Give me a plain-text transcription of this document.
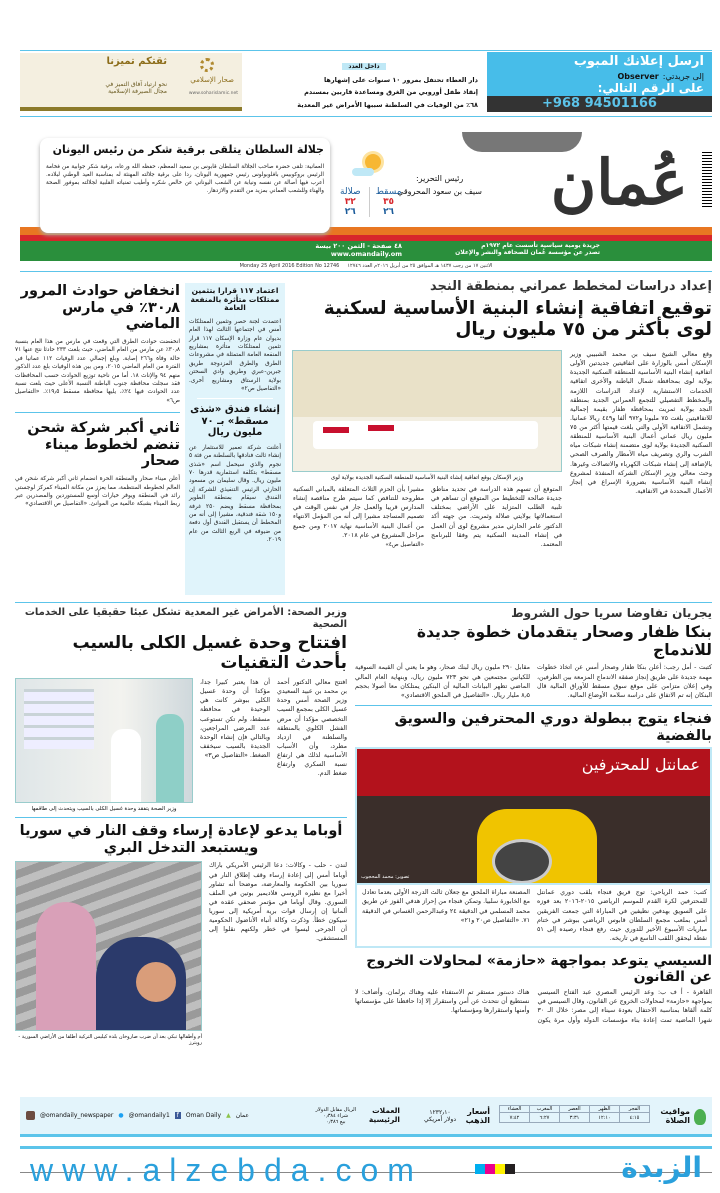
ارسل إعلانك المبوب
إلى جريدتي:
Observer
على الرقم التالي:
+968 94501166
داخل العدد
دار العطاء تحتفل بمرور ١٠ سنوات على إشهارها
إنقاذ طفل أوروبي من الغرق ومساعدة قاربين بمسندم
٦٨٪ من الوفيات في السلطنة سببها الأمراض غير المعدية
ثقتكم تميزنا
نحو ارتياد آفاق التميز في
مجال الصيرفة الإسلامية
صحار الإسلامي
www.soharislamic.net
عُمان
جريدة يومية سياسية تأسست عام ١٩٧٢م
تصدر عن مؤسسة عُمان للصحافة والنشر والإعلان
٤٨ صفحة - الثمن ٢٠٠ بيسة
www.omandaily.om
رئيس التحرير:
سيف بن سعود المحروقي
مسقط
٣٥
٢٦
صلالة
٣٢
٢٦
جلالة السلطان يتلقى برقية شكر من رئيس اليونان
العمانية: تلقى حضرة صاحب الجلالة السلطان قابوس بن سعيد المعظم، حفظه الله ورعاه، برقية شكر جوابية من فخامة الرئيس بروكوبيس بافلوبولوس رئيس جمهورية اليونان، ردا على برقية جلالته المهنئة له بمناسبة العيد الوطني لبلاده. أعرب فيها أصالة عن نفسه ونيابة عن الشعب اليوناني عن خالص شكره وأطيب تمنياته القلبية لجلالته بموفور الصحة والهناء وللشعب العماني بمزيد من التقدم والازدهار.
Monday 25 April 2016 Edition No 12746 الاثنين ١٧ من رجب ١٤٣٧ هـ الموافق ٢٥ من أبريل ٢٠١٦م العدد ١٢٧٤٦
إعداد دراسات لمخطط عمراني بمنطقة النجد
توقيع اتفاقية إنشاء البنية الأساسية لسكنية لوى بأكثر من ٧٥ مليون ريال
وقع معالي الشيخ سيف بن محمد الشبيبي وزير الإسكان أمس بالوزارة على اتفاقيتين جديدتين الأولى اتفاقية إنشاء البنية الأساسية للمنطقة السكنية الجديدة بولاية لوى بمحافظة شمال الباطنة والأخرى اتفاقية الخدمات الاستشارية لإعداد الدراسات اللازمة والمخطط التفصيلي للتجمع العمراني الجديد بمنطقة النجد بولاية ثمريت بمحافظة ظفار بقيمة إجمالية للاتفاقيتين بلغت ٧٥ مليونا و٩٧٢ ألفا و٤٤٩ ريالا عمانيا. وتشمل الاتفاقية الأولى والتي بلغت قيمتها أكثر من ٧٥ مليون ريال عماني أعمال البنية الأساسية للمنطقة السكنية الجديدة بولاية لوى متضمنة إنشاء شبكات مياه الشرب والري وتصريف مياه الأمطار والصرف الصحي بالإضافة إلى إنشاء شبكات الكهرباء والاتصالات وغيرها. وحث معالي وزير الإسكان الشركة المنفذة لمشروع إنشاء البنية الأساسية بضرورة الإسراع في إنجاز الأعمال المحددة في الاتفاقية.
وزير الإسكان يوقع اتفاقية إنشاء البنية الأساسية للمنطقة السكنية الجديدة بولاية لوى
المتوقع أن تسهم هذه الدراسة في تحديد مناطق جديدة صالحة للتخطيط من المتوقع أن تساهم في تلبية الطلب المتزايد على الأراضي بمختلف استعمالاتها بولايتي صلالة وثمريت. من جهته أكد الدكتور عامر الحارثي مدير مشروع لوى أن العمل في إنشاء المدينة السكنية يتم وفقا للبرنامج المعتمد.
مشيرا بأن الحزم الثلاث المتعلقة بالمباني السكنية مطروحة للتناقص كما سيتم طرح مناقصة إنشاء المدارس قريبا والعمل جار في نفس الوقت في تصميم المساجد مشيرا إلى أنه من المؤمل الانتهاء من أعمال البنية الأساسية نهاية ٢٠١٧ ومن جميع مراحل المشروع في عام ٢٠١٨.
«التفاصيل ص٤»
اعتماد ١١٧ قرارا بتثمين ممتلكات متأثرة بالمنفعة العامة
اعتمدت لجنة حصر وتثمين الممتلكات أمس في اجتماعها الثالث لهذا العام بديوان عام وزارة الإسكان ١١٧ قرار تثمين لممتلكات متأثرة بمشاريع المنفعة العامة المتمثلة في مشروعات الطرق والطرق المزدوجة طريق جبرين-عبري وطريق وادي السحتن بولاية الرستاق ومشاريع أخرى. «التفاصيل ص٢»
إنشاء فندق «شذى مسقط» بـ ٧٠ مليون ريال
أعلنت شركة تعمير للاستثمار عن إنشاء ثالث فنادقها بالسلطنة من فئة ٥ نجوم والذي سيحمل اسم «شذى مسقط» بتكلفة استثمارية قدرها ٧٠ مليون ريال. وقال سليمان بن مسعود الحارثي الرئيس التنفيذي للشركة إن الفندق سيقام بمنطقة الطوير بمحافظة مسقط ويضم ٢٥٠ غرفة و١٥٠ شقة فندقية، مشيرا إلى أنه من المخطط أن يستقبل الفندق أول دفعة من ضيوفه في الربع الثالث من عام ٢٠١٩.
انخفاض حوادث المرور ٣٠٫٨٪ في مارس الماضي
انخفضت حوادث الطرق التي وقعت في مارس من هذا العام بنسبة ٣٠٫٨٪ عن مارس من العام الماضي، حيث بلغت ٢٣٣ حادثا نتج عنها ٧١ حالة وفاة و٢٦٦ إصابة. وبلغ إجمالي عدد الوفيات ١١٢ عمانيا في الفترة من العام الماضي ٢٠١٥، ومن بين هذه الوفيات بلغ عدد الذكور منهم ٩٤ والإناث ١٨. أما من ناحية توزيع الحوادث حسب المحافظات فقد سجلت محافظة جنوب الباطنة النسبة الأعلى حيث بلغت نسبة عدد الحوادث فيها ٢٤٪، يليها محافظة مسقط ١٩٫٥٪. «التفاصيل ص٦»
ثاني أكبر شركة شحن تنضم لخطوط ميناء صحار
أعلن ميناء صحار والمنطقة الحرة انضمام ثاني أكبر شركة شحن في العالم لخطوطه المنتظمة، مما يعزز من مكانة الميناء كمركز لوجستي رائد في المنطقة ويوفر خيارات أوسع للمستوردين والمصدرين عبر ربط الميناء بشبكة عالمية من الموانئ. «التفاصيل ص الاقتصادي»
يجريان تفاوضا سريا حول الشروط
بنكا ظفار وصحار يتقدمان خطوة جديدة للاندماج
كتبت - أمل رجب: أعلن بنكا ظفار وصحار أمس عن اتخاذ خطوات مهمة جديدة على طريق إنجاز صفقة الاندماج المزمعة بين الطرفين، وفي إعلان متزامن على موقع سوق مسقط للأوراق المالية قال البنكان إنه تم الاتفاق على دراسة سلامة الأوضاع المالية.
مقابل ٢٩٠ مليون ريال لبنك صحار، وهو ما يعني أن القيمة السوقية للكيانين مجتمعين هي نحو ٧٢٣ مليون ريال، وبنهاية العام المالي الماضي تظهر البيانات المالية أن البنكين يمتلكان معا أصولا بحجم ٨٫٥ مليار ريال. «التفاصيل في الملحق الاقتصادي»
فنجاء يتوج ببطولة دوري المحترفين والسويق بالفضية
عمانتل للمحترفين
تصوير: محمد المحجوب
كتب: حمد الرياحي: توج فريق فنجاء بلقب دوري عمانتل للمحترفين لكرة القدم للموسم الرياضي ٢٠١٥-٢٠١٦ بعد فوزه على السويق بهدفين نظيفين في المباراة التي جمعت الفريقين أمس بملعب مجمع السلطان قابوس الرياضي ببوشر في ختام مباريات الأسبوع الأخير للدوري حيث رفع فنجاء رصيده إلى ٥١ نقطة ليحقق اللقب التاسع في تاريخه.
المصنعة مباراة الملحق مع جعلان ثالث الدرجة الأولى بعدما تعادل مع الخابورة سلبيا. وتمكن فنجاء من إحراز هدفي الفوز عن طريق محمد المسلمي في الدقيقة ٢٤ وعبدالرحمن الغساني في الدقيقة ٧١. «التفاصيل ص٢٠ و٢١»
السيسي يتوعد بمواجهة «حازمة» لمحاولات الخروج عن القانون
القاهرة - أ ف ب: وعد الرئيس المصري عبد الفتاح السيسي بمواجهة «حازمة» لمحاولات الخروج عن القانون، وقال السيسي في كلمة ألقاها بمناسبة الاحتفال بعودة سيناء إلى مصر: خلال الـ ٣٠ شهرا الماضية تمت إعادة بناء مؤسسات الدولة وأول مرة يكون هناك دستور مستقر تم الاستفتاء عليه وهناك برلمان. وأضاف: لا نستطيع أن نتحدث عن أمن واستقرار إلا إذا حافظنا على مؤسساتها وأمنها واستقرارها ومؤسساتها.
وزير الصحة: الأمراض غير المعدية تشكل عبئا حقيقيا على الخدمات الصحية
افتتاح وحدة غسيل الكلى بالسيب بأحدث التقنيات
افتتح معالي الدكتور أحمد بن محمد بن عبيد السعيدي وزير الصحة أمس وحدة غسيل الكلى بمجمع السيب التخصصي مؤكدا أن مرض الفشل الكلوي بالمنطقة والسلطنة في ازدياد مطرد، وأن الأسباب الأساسية لذلك هي ارتفاع نسبة السكري وارتفاع ضغط الدم.
أن هذا يعتبر كبيرا جدا، مؤكدا أن وحدة غسيل الكلى ببوشر كانت هي الوحيدة في محافظة مسقط، ولم تكن تستوعب عدد المرضى المراجعين، وبالتالي فإن إنشاء الوحدة الجديدة بالسيب سيخفف الضغط. «التفاصيل ص٣»
وزير الصحة يتفقد وحدة غسيل الكلى بالسيب ويتحدث إلى طاقمها
أوباما يدعو لإعادة إرساء وقف النار في سوريا ويستبعد التدخل البري
لندن - حلب - وكالات: دعا الرئيس الأمريكي باراك أوباما أمس إلى إعادة إرساء وقف إطلاق النار في سوريا بين الحكومة والمعارضة، موضحا أنه تشاور أخيرا مع نظيره الروسي فلاديمير بوتين في الملف السوري. وقال أوباما في مؤتمر صحفي عقده في ألمانيا إن إرسال قوات برية أمريكية إلى سوريا سيكون خطأ. وذكرت وكالة أنباء الأناضول الحكومية أن الجرحى ليسوا في خطر ولكنهم نقلوا إلى المستشفى.
أم وأطفالها تبكي بعد أن ضرب صاروخان بلدة كيليس التركية أطلقا من الأراضي السورية - رويترز
مواقيت الصلاة
الفجر	الظهر	العصر	المغرب	العشاء
٤:١٥	١٢:١٠	٣:٣١	٦:٢٧	٧:٤٢
أسعار الذهب
١٢٣٢٫١٠
دولار أمريكي
العملات الرئيسية
الريال مقابل الدولار
شراء ٠٫٣٨٤
بيع ٠٫٣٨٦
@omandaily_newspaper ● @omandaily1	f	Oman Daily ▲ عمان
www.alzebda.com	الزبدة
